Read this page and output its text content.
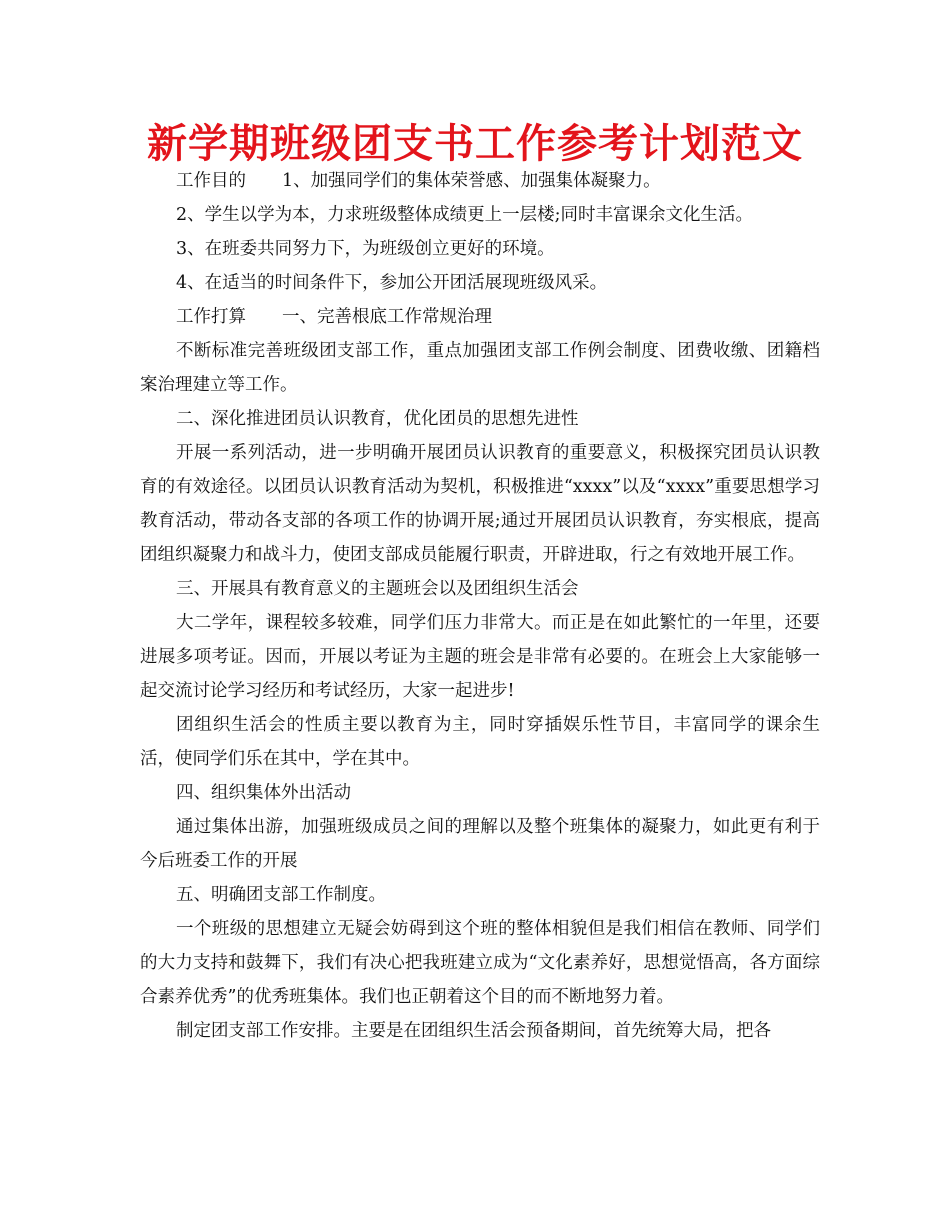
新学期班级团支书工作参考计划范文

工作目的 1、加强同学们的集体荣誉感、加强集体凝聚力。

2、学生以学为本，力求班级整体成绩更上一层楼;同时丰富课余文化生活。

3、在班委共同努力下，为班级创立更好的环境。

4、在适当的时间条件下，参加公开团活展现班级风采。

工作打算 一、完善根底工作常规治理

不断标准完善班级团支部工作，重点加强团支部工作例会制度、团费收缴、团籍档案治理建立等工作。

二、深化推进团员认识教育，优化团员的思想先进性

开展一系列活动，进一步明确开展团员认识教育的重要意义，积极探究团员认识教育的有效途径。以团员认识教育活动为契机，积极推进“xxxx”以及“xxxx”重要思想学习教育活动，带动各支部的各项工作的协调开展;通过开展团员认识教育，夯实根底，提高团组织凝聚力和战斗力，使团支部成员能履行职责，开辟进取，行之有效地开展工作。

三、开展具有教育意义的主题班会以及团组织生活会

大二学年，课程较多较难，同学们压力非常大。而正是在如此繁忙的一年里，还要进展多项考证。因而，开展以考证为主题的班会是非常有必要的。在班会上大家能够一起交流讨论学习经历和考试经历，大家一起进步!

团组织生活会的性质主要以教育为主，同时穿插娱乐性节目，丰富同学的课余生活，使同学们乐在其中，学在其中。

四、组织集体外出活动

通过集体出游，加强班级成员之间的理解以及整个班集体的凝聚力，如此更有利于今后班委工作的开展

五、明确团支部工作制度。

一个班级的思想建立无疑会妨碍到这个班的整体相貌但是我们相信在教师、同学们的大力支持和鼓舞下，我们有决心把我班建立成为“文化素养好，思想觉悟高，各方面综合素养优秀”的优秀班集体。我们也正朝着这个目的而不断地努力着。

制定团支部工作安排。主要是在团组织生活会预备期间，首先统筹大局，把各
